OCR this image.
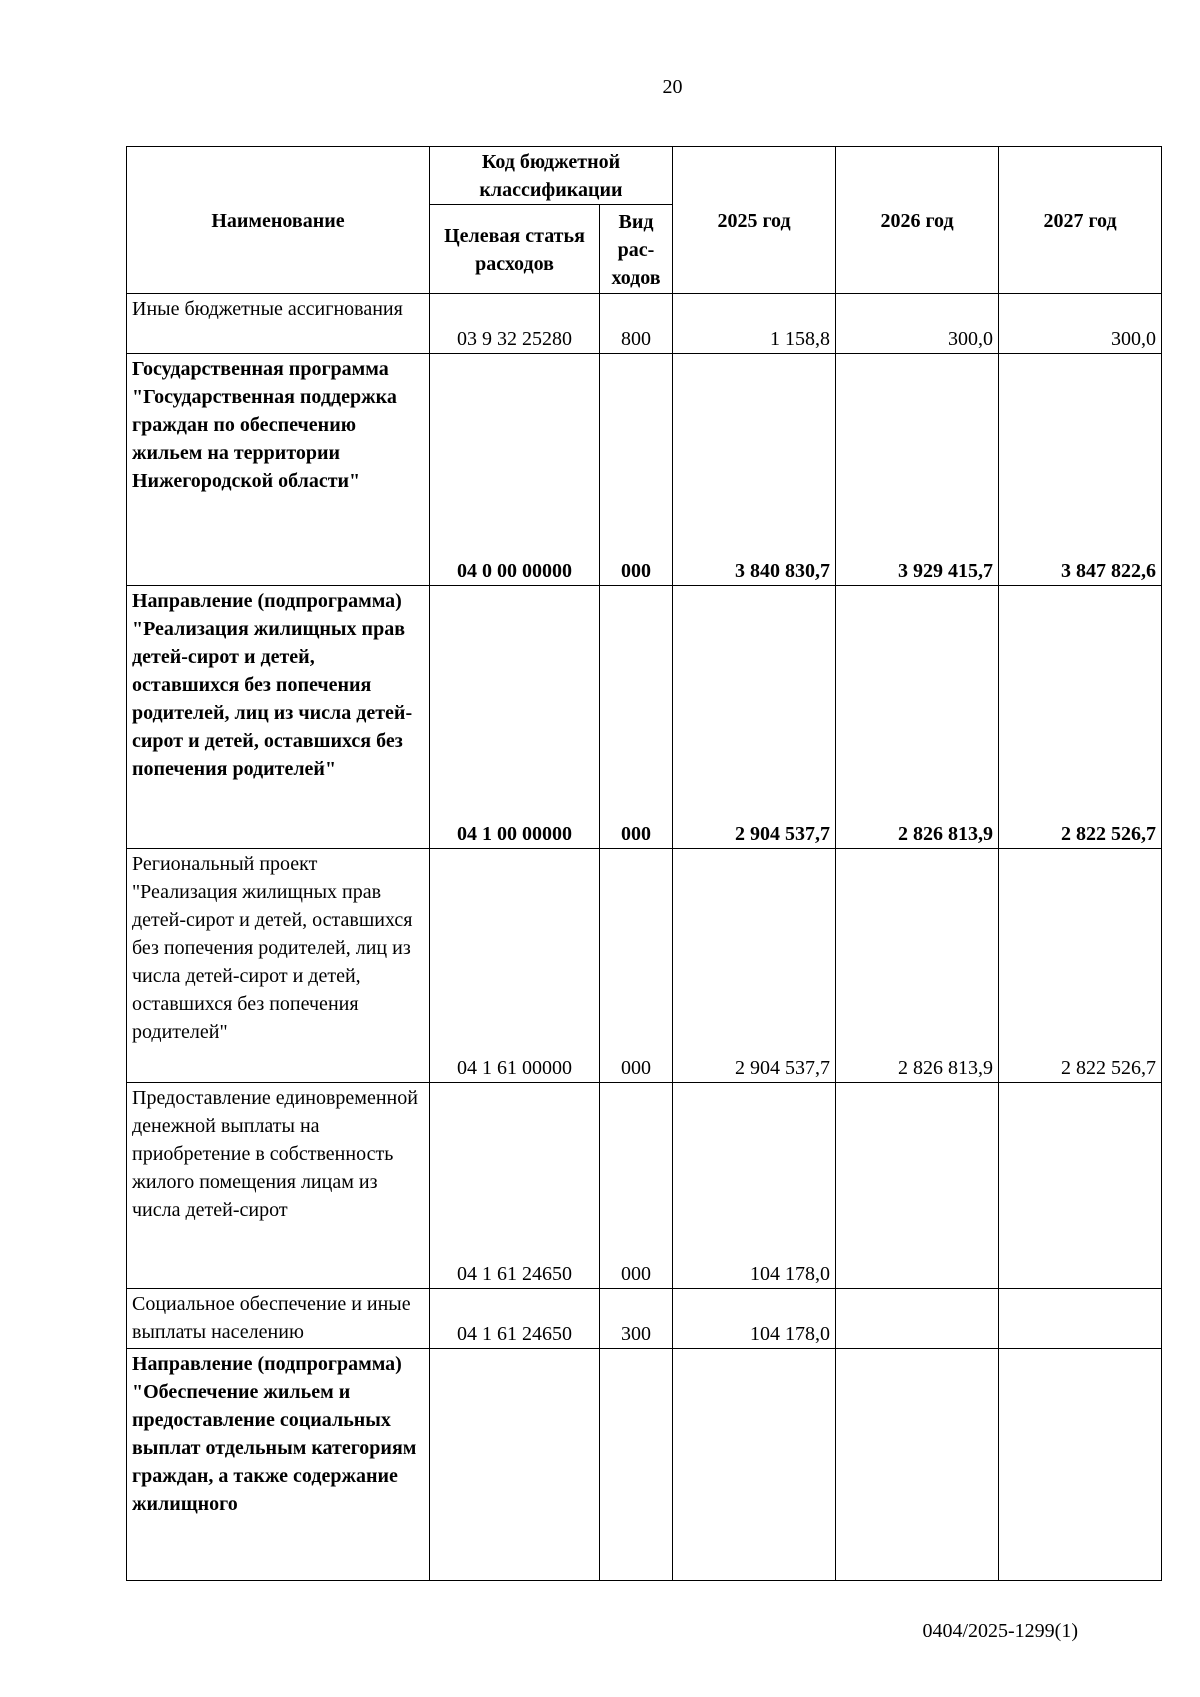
20
Наименование	Код бюджетной классификации		2025 год	2026 год	2027 год
	Целевая статья расходов	Вид рас-ходов			
Иные бюджетные ассигнования	03 9 32 25280	800	1 158,8	300,0	300,0
Государственная программа "Государственная поддержка граждан по обеспечению жильем на территории Нижегородской области"	04 0 00 00000	000	3 840 830,7	3 929 415,7	3 847 822,6
Направление (подпрограмма) "Реализация жилищных прав детей-сирот и детей, оставшихся без попечения родителей, лиц из числа детей-сирот и детей, оставшихся без попечения родителей"	04 1 00 00000	000	2 904 537,7	2 826 813,9	2 822 526,7
Региональный проект "Реализация жилищных прав детей-сирот и детей, оставшихся без попечения родителей, лиц из числа детей-сирот и детей, оставшихся без попечения родителей"	04 1 61 00000	000	2 904 537,7	2 826 813,9	2 822 526,7
Предоставление единовременной денежной выплаты на приобретение в собственность жилого помещения лицам из числа детей-сирот	04 1 61 24650	000	104 178,0		
Социальное обеспечение и иные выплаты населению	04 1 61 24650	300	104 178,0		
Направление (подпрограмма) "Обеспечение жильем и предоставление социальных выплат отдельным категориям граждан, а также содержание жилищного					
0404/2025-1299(1)
